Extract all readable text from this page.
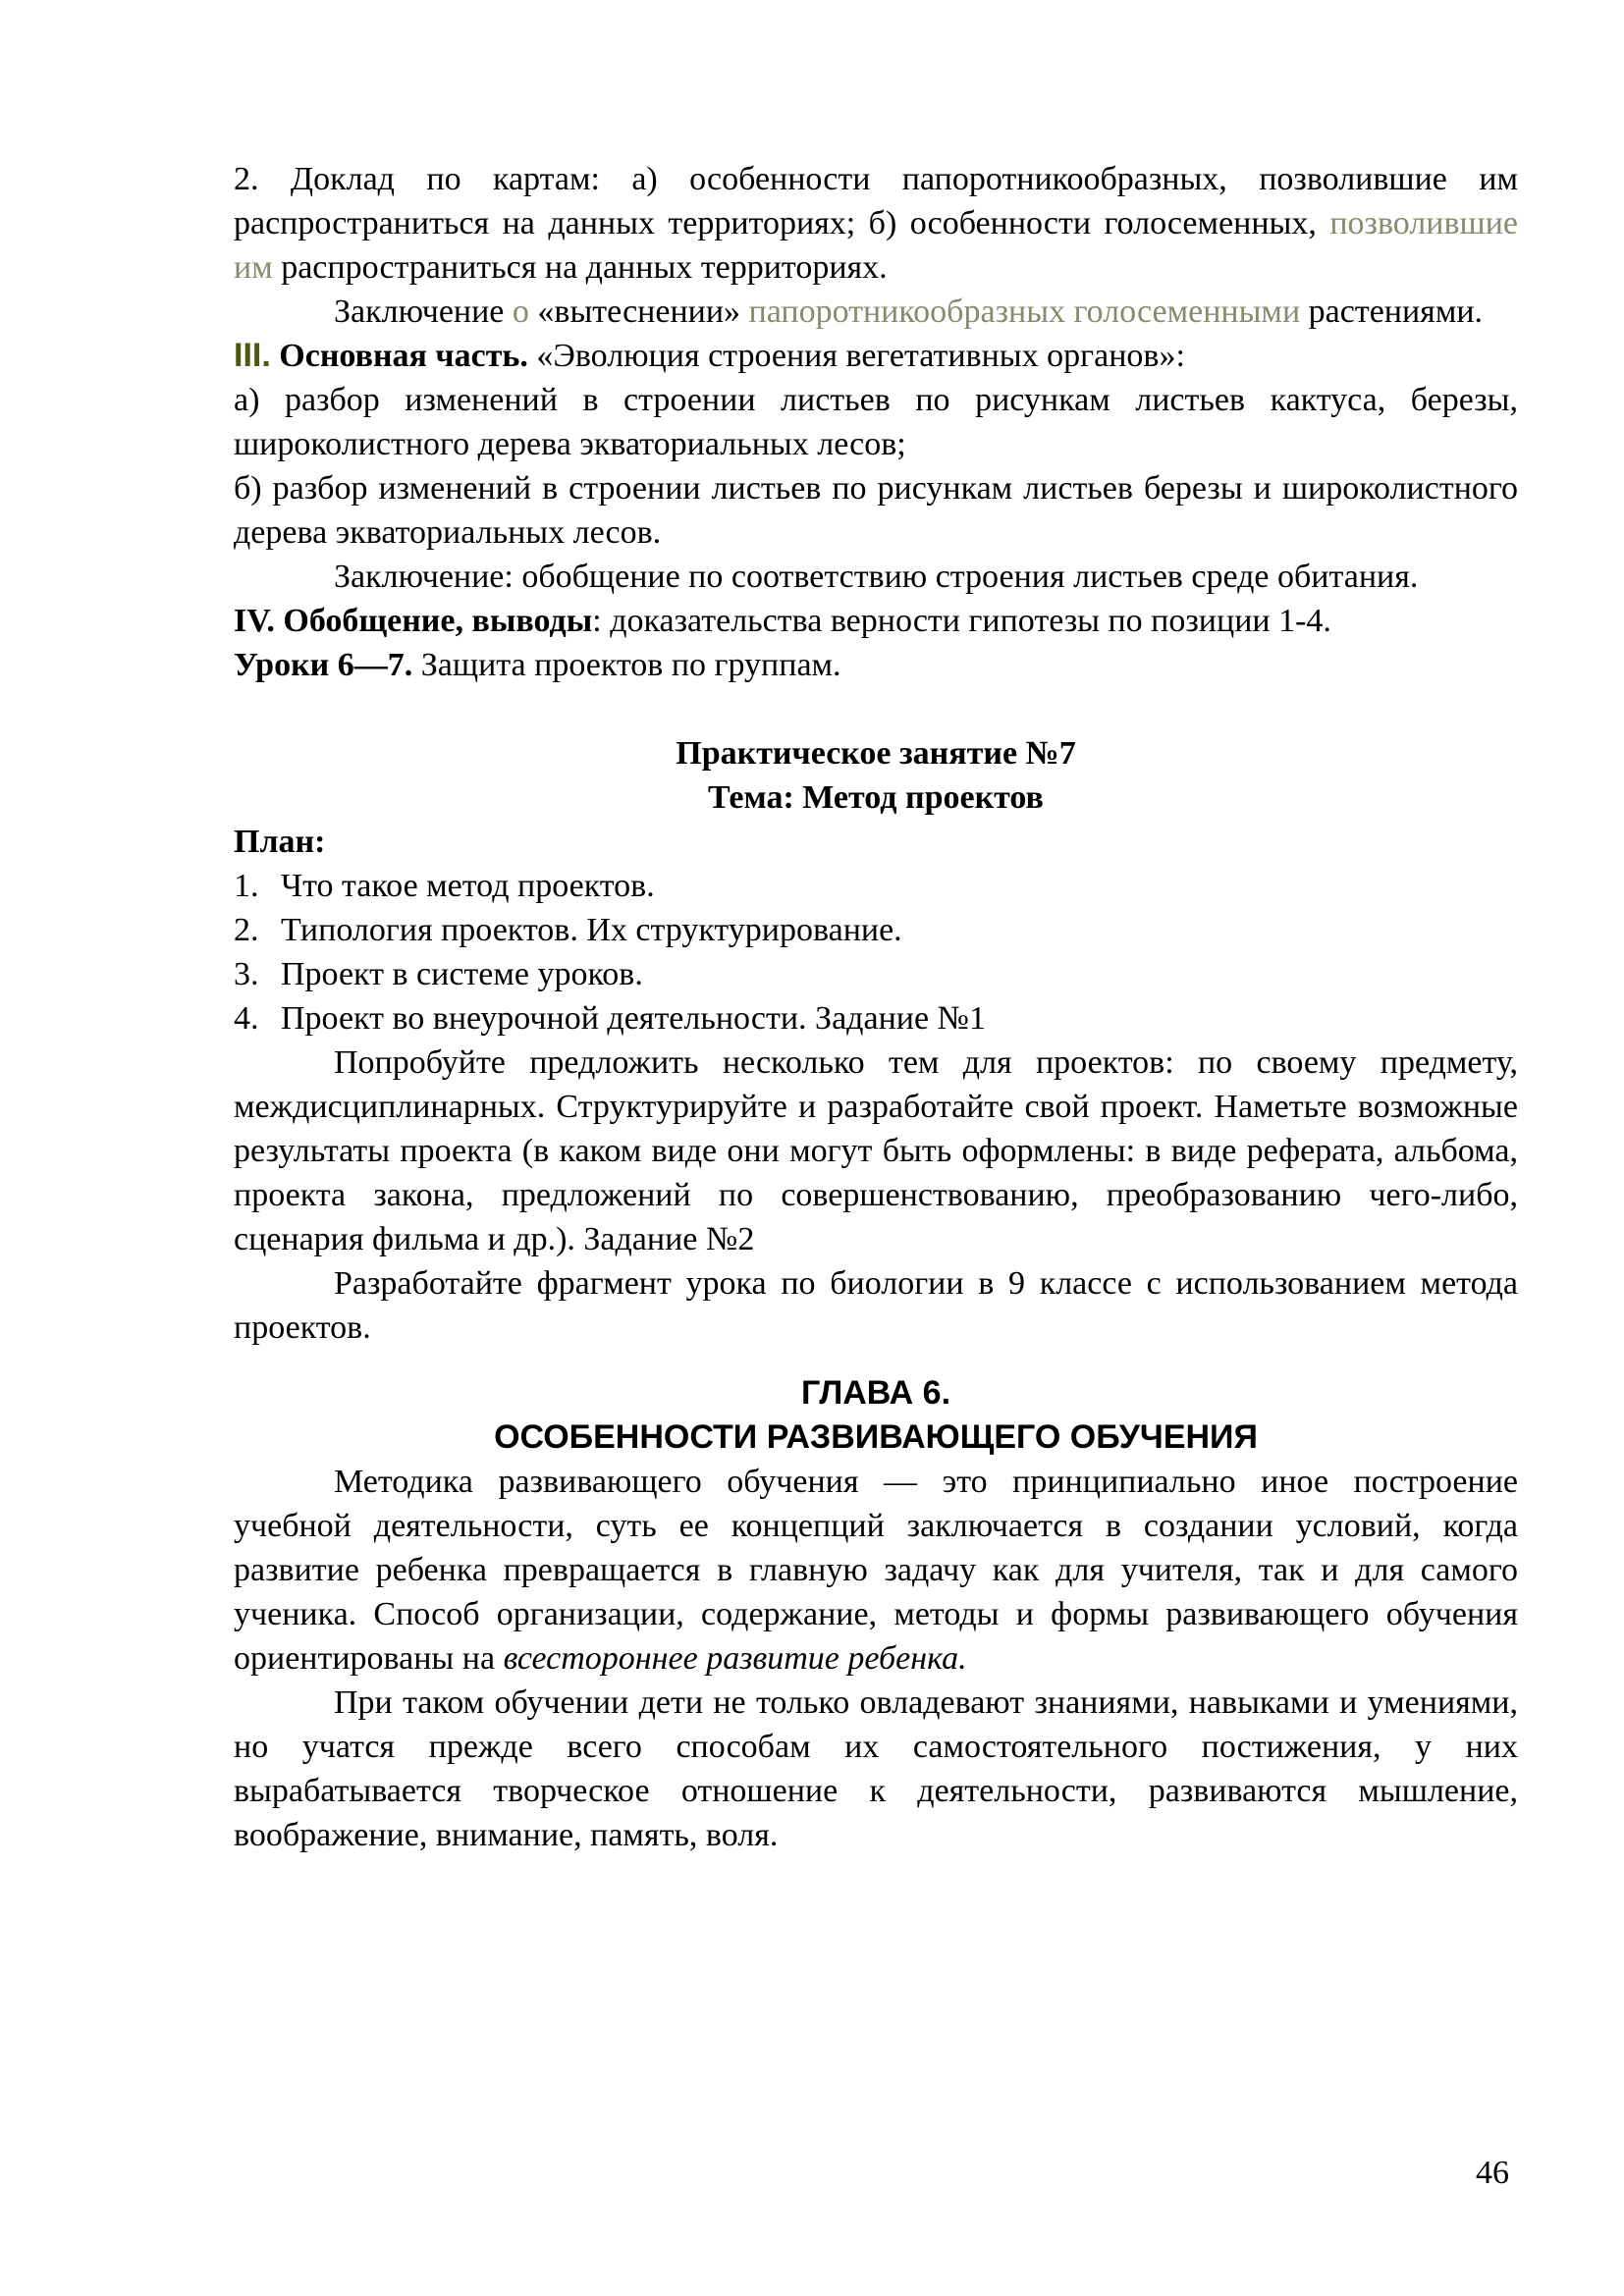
2. Доклад по картам: а) особенности папоротникообразных, позволившие им распространиться на данных территориях; б) особенности голосеменных, позволившие им распространиться на данных территориях.

Заключение о «вытеснении» папоротникообразных голосеменными растениями.

III. Основная часть. «Эволюция строения вегетативных органов»:

а) разбор изменений в строении листьев по рисункам листьев кактуса, березы, широколистного дерева экваториальных лесов;

б) разбор изменений в строении листьев по рисункам листьев березы и широколистного дерева экваториальных лесов.

Заключение: обобщение по соответствию строения листьев среде обитания.

IV. Обобщение, выводы: доказательства верности гипотезы по позиции 1-4.

Уроки 6—7. Защита проектов по группам.

Практическое занятие №7

Тема: Метод проектов

План:

1. Что такое метод проектов.
2. Типология проектов. Их структурирование.
3. Проект в системе уроков.
4. Проект во внеурочной деятельности. Задание №1

Попробуйте предложить несколько тем для проектов: по своему предмету, междисциплинарных. Структурируйте и разработайте свой проект. Наметьте возможные результаты проекта (в каком виде они могут быть оформлены: в виде реферата, альбома, проекта закона, предложений по совершенствованию, преобразованию чего-либо, сценария фильма и др.). Задание №2

Разработайте фрагмент урока по биологии в 9 классе с использованием метода проектов.

ГЛАВА 6.

ОСОБЕННОСТИ РАЗВИВАЮЩЕГО ОБУЧЕНИЯ

Методика развивающего обучения — это принципиально иное построение учебной деятельности, суть ее концепций заключается в создании условий, когда развитие ребенка превращается в главную задачу как для учителя, так и для самого ученика. Способ организации, содержание, методы и формы развивающего обучения ориентированы на всестороннее развитие ребенка.

При таком обучении дети не только овладевают знаниями, навыками и умениями, но учатся прежде всего способам их самостоятельного постижения, у них вырабатывается творческое отношение к деятельности, развиваются мышление, воображение, внимание, память, воля.

46
